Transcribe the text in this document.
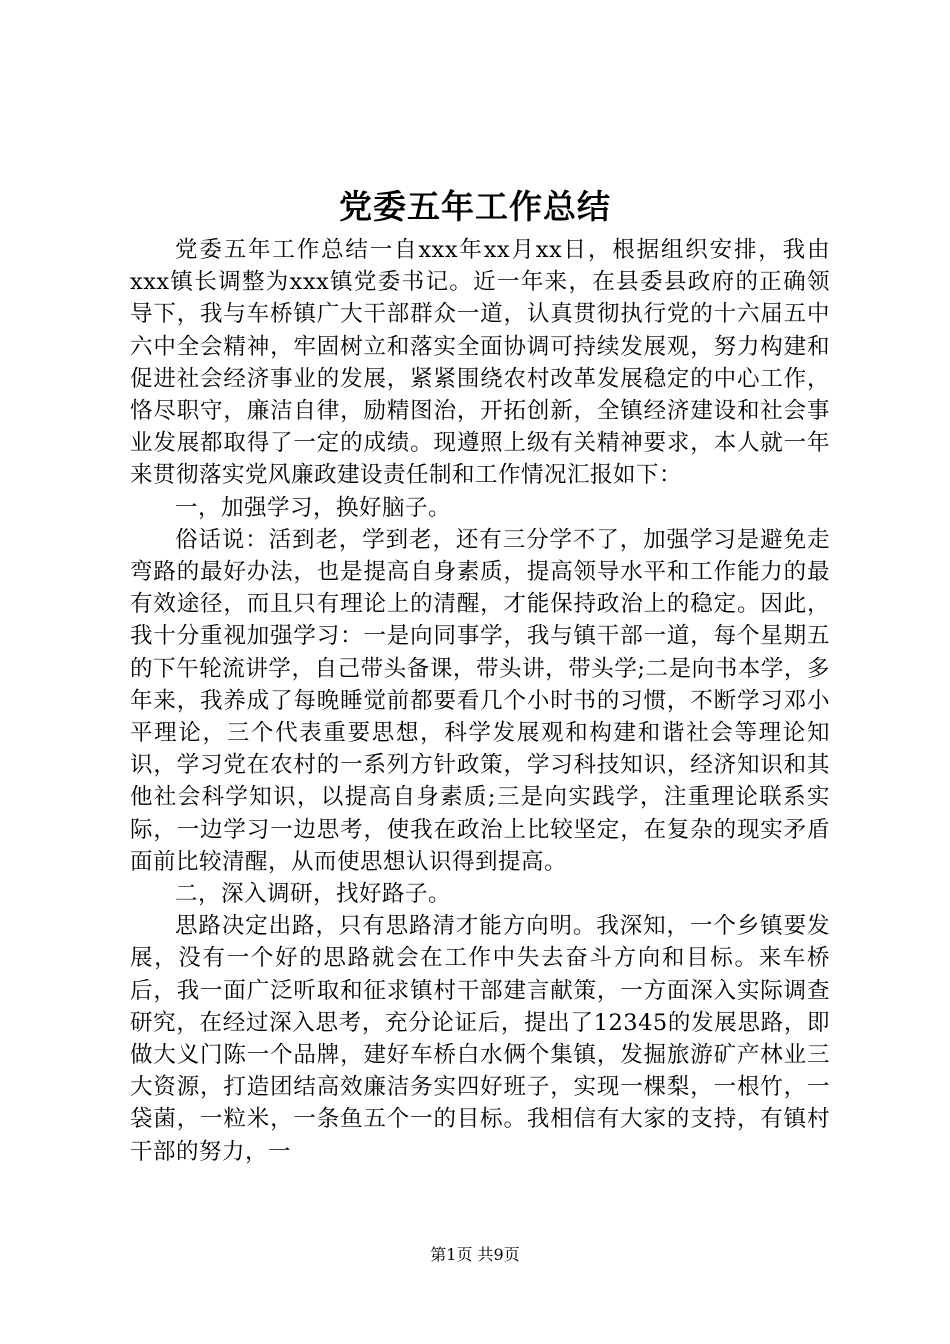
党委五年工作总结

党委五年工作总结一自xxx年xx月xx日，根据组织安排，我由xxx镇长调整为xxx镇党委书记。近一年来，在县委县政府的正确领导下，我与车桥镇广大干部群众一道，认真贯彻执行党的十六届五中六中全会精神，牢固树立和落实全面协调可持续发展观，努力构建和促进社会经济事业的发展，紧紧围绕农村改革发展稳定的中心工作，恪尽职守，廉洁自律，励精图治，开拓创新，全镇经济建设和社会事业发展都取得了一定的成绩。现遵照上级有关精神要求，本人就一年来贯彻落实党风廉政建设责任制和工作情况汇报如下：

一，加强学习，换好脑子。

俗话说：活到老，学到老，还有三分学不了，加强学习是避免走弯路的最好办法，也是提高自身素质，提高领导水平和工作能力的最有效途径，而且只有理论上的清醒，才能保持政治上的稳定。因此，我十分重视加强学习：一是向同事学，我与镇干部一道，每个星期五的下午轮流讲学，自己带头备课，带头讲，带头学;二是向书本学，多年来，我养成了每晚睡觉前都要看几个小时书的习惯，不断学习邓小平理论，三个代表重要思想，科学发展观和构建和谐社会等理论知识，学习党在农村的一系列方针政策，学习科技知识，经济知识和其他社会科学知识，以提高自身素质;三是向实践学，注重理论联系实际，一边学习一边思考，使我在政治上比较坚定，在复杂的现实矛盾面前比较清醒，从而使思想认识得到提高。

二，深入调研，找好路子。

思路决定出路，只有思路清才能方向明。我深知，一个乡镇要发展，没有一个好的思路就会在工作中失去奋斗方向和目标。来车桥后，我一面广泛听取和征求镇村干部建言献策，一方面深入实际调查研究，在经过深入思考，充分论证后，提出了12345的发展思路，即做大义门陈一个品牌，建好车桥白水俩个集镇，发掘旅游矿产林业三大资源，打造团结高效廉洁务实四好班子，实现一棵梨，一根竹，一袋菌，一粒米，一条鱼五个一的目标。我相信有大家的支持，有镇村干部的努力，一

第1页 共9页
